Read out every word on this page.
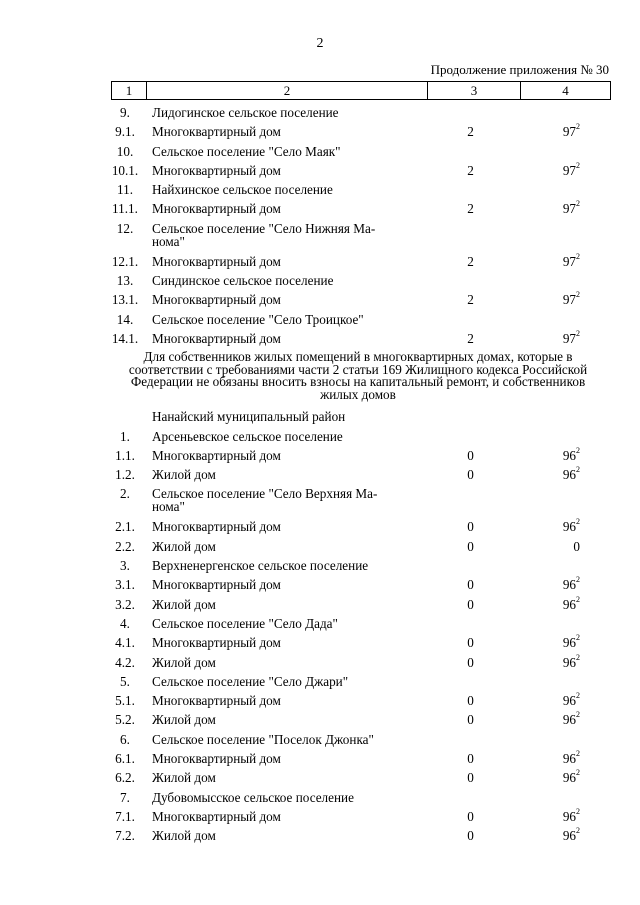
2
Продолжение приложения № 30
1	2	3	4
9.	Лидогинское сельское поселение
9.1.	Многоквартирный дом	2	$97^2$
10.	Сельское поселение "Село Маяк"
10.1.	Многоквартирный дом	2	$97^2$
11.	Найхинское сельское поселение
11.1.	Многоквартирный дом	2	$97^2$
12.	Сельское поселение "Село Нижняя Ма-
нома"
12.1.	Многоквартирный дом	2	$97^2$
13.	Синдинское сельское поселение
13.1.	Многоквартирный дом	2	$97^2$
14.	Сельское поселение "Село Троицкое"
14.1.	Многоквартирный дом	2	$97^2$
Для собственников жилых помещений в многоквартирных домах, которые в соответствии с требованиями части 2 статьи 169 Жилищного кодекса Российской Федерации не обязаны вносить взносы на капитальный ремонт, и собственников жилых домов
Нанайский муниципальный район
1.	Арсеньевское сельское поселение
1.1.	Многоквартирный дом	0	$96^2$
1.2.	Жилой дом	0	$96^2$
2.	Сельское поселение "Село Верхняя Ма-
нома"
2.1.	Многоквартирный дом	0	$96^2$
2.2.	Жилой дом	0	0
3.	Верхненергенское сельское поселение
3.1.	Многоквартирный дом	0	$96^2$
3.2.	Жилой дом	0	$96^2$
4.	Сельское поселение "Село Дада"
4.1.	Многоквартирный дом	0	$96^2$
4.2.	Жилой дом	0	$96^2$
5.	Сельское поселение "Село Джари"
5.1.	Многоквартирный дом	0	$96^2$
5.2.	Жилой дом	0	$96^2$
6.	Сельское поселение "Поселок Джонка"
6.1.	Многоквартирный дом	0	$96^2$
6.2.	Жилой дом	0	$96^2$
7.	Дубовомысское сельское поселение
7.1.	Многоквартирный дом	0	$96^2$
7.2.	Жилой дом	0	$96^2$
